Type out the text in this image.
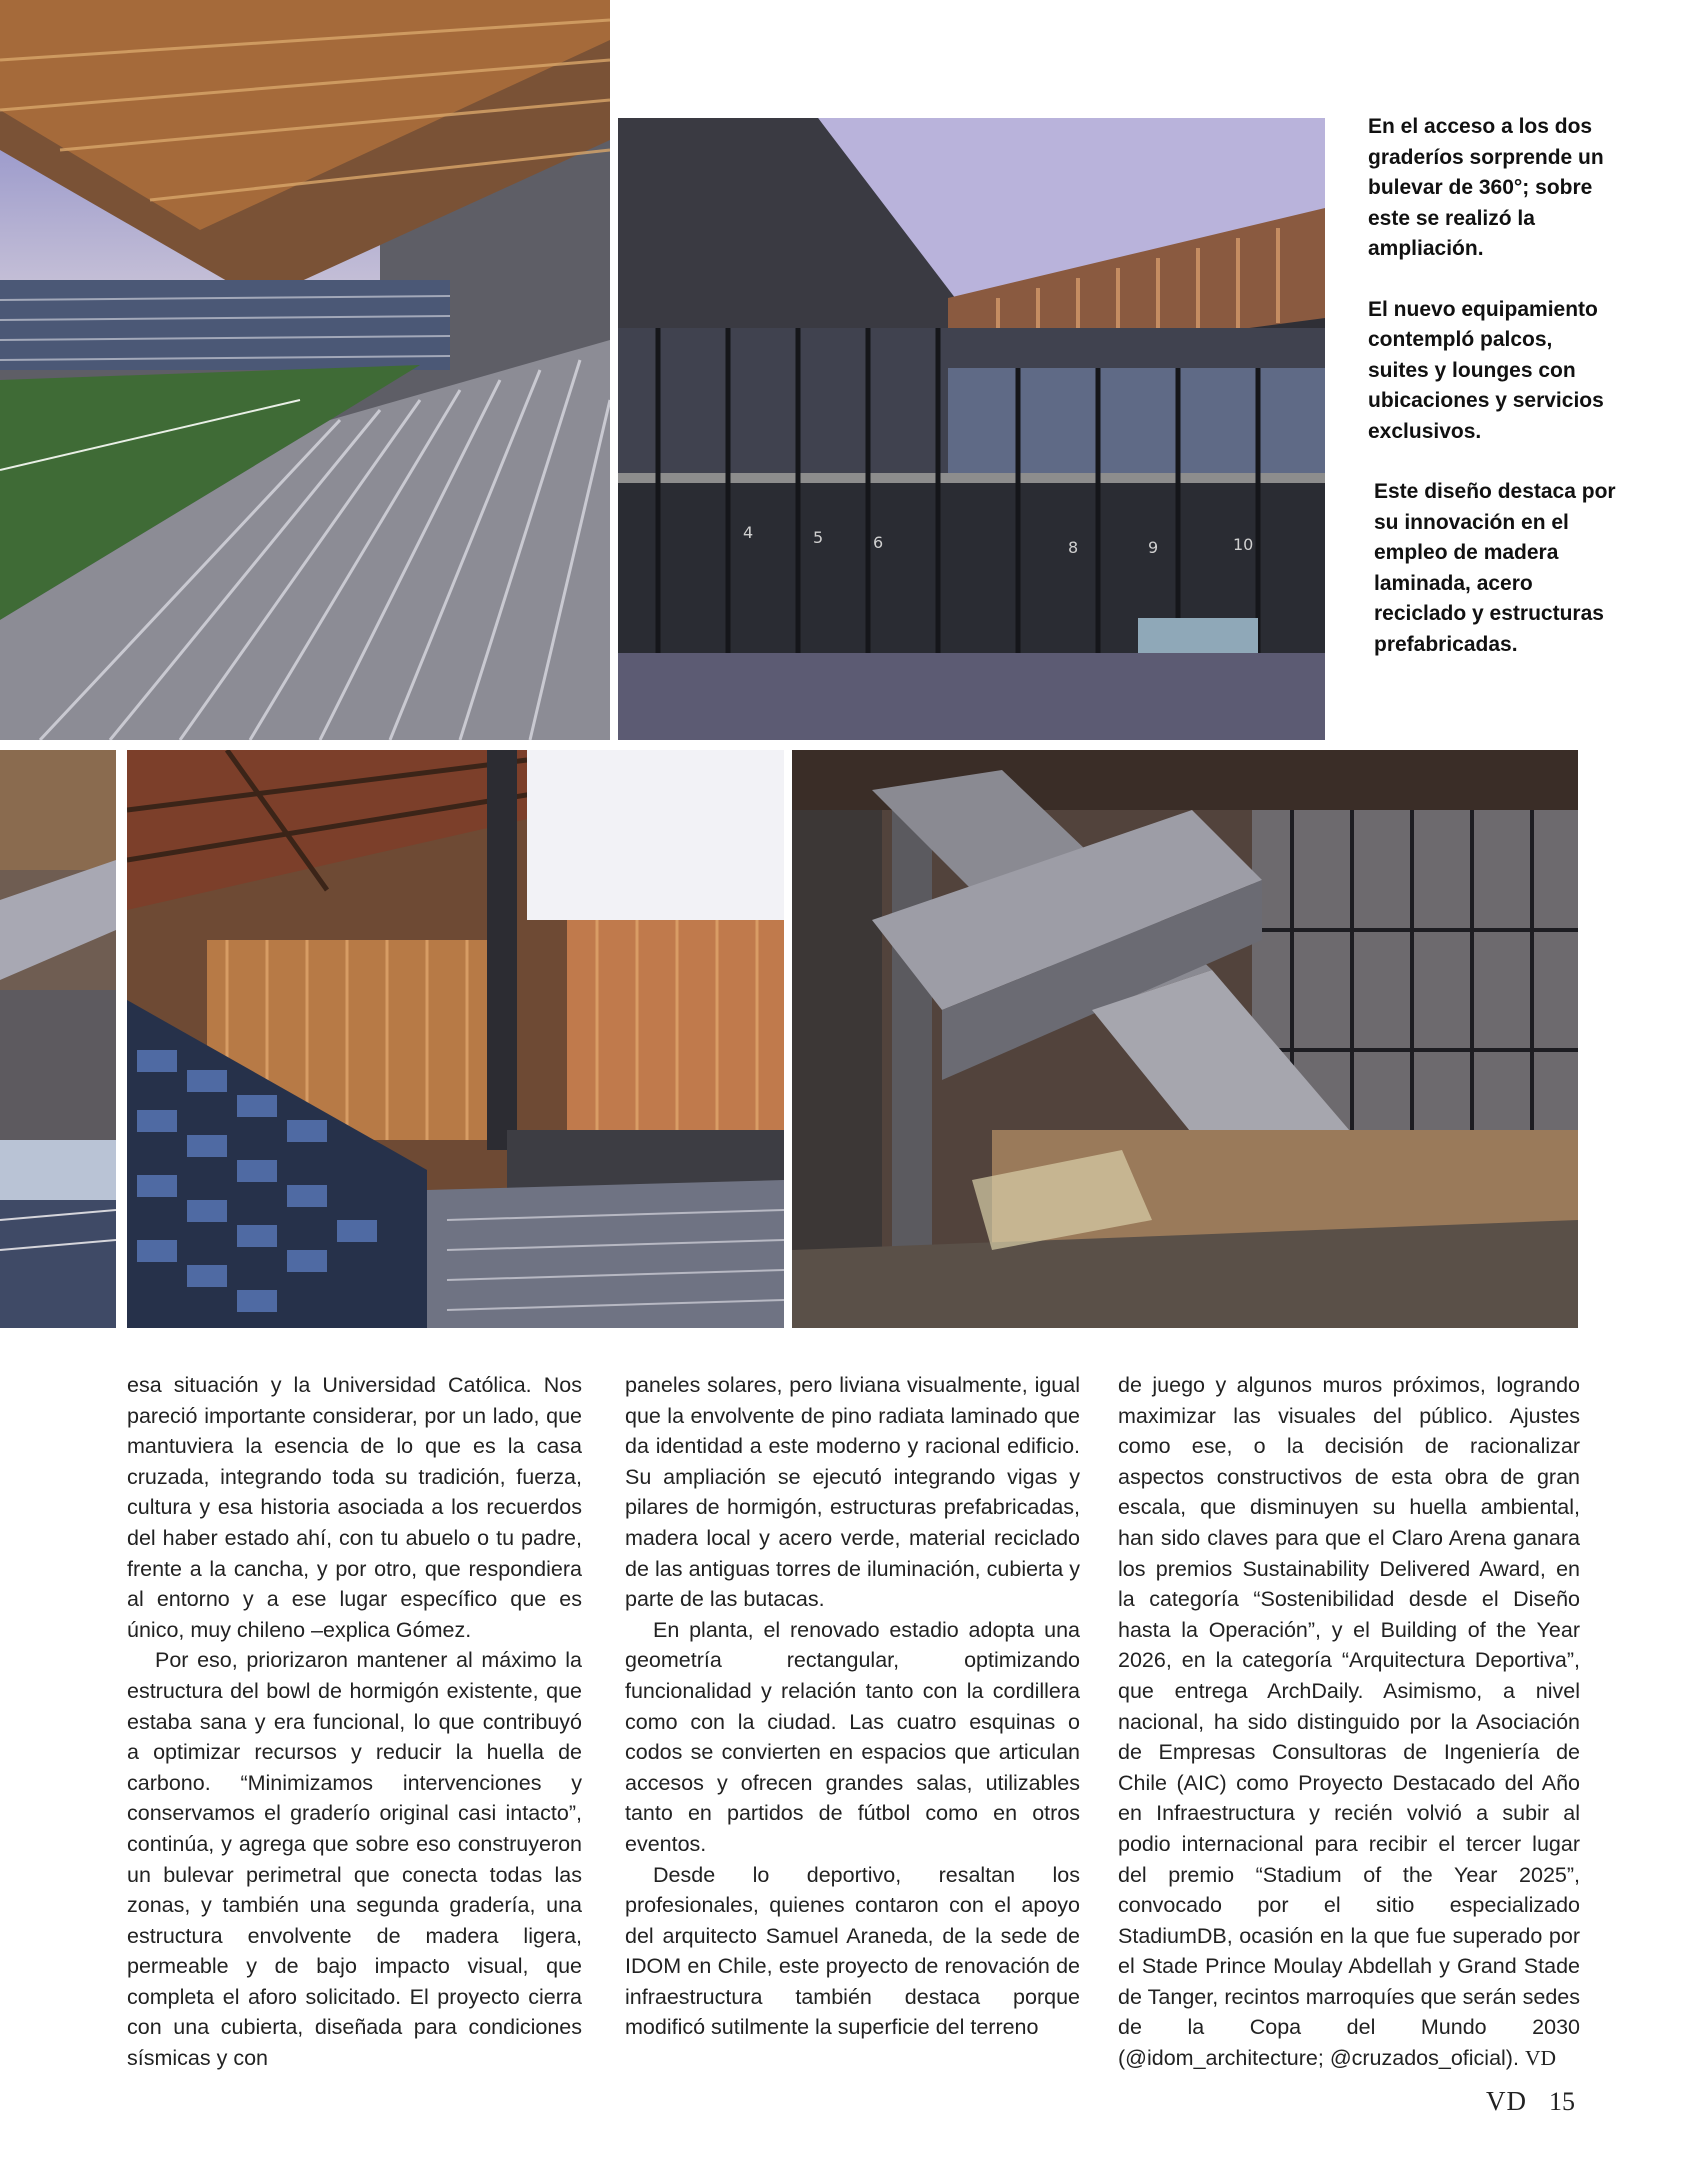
4	5	6	8	9	10

En el acceso a los dos graderíos sorprende un bulevar de 360°; sobre este se realizó la ampliación.

El nuevo equipamiento contempló palcos, suites y lounges con ubicaciones y servicios exclusivos.

Este diseño destaca por su innovación en el empleo de madera laminada, acero reciclado y estructuras prefabricadas.

esa situación y la Universidad Católica. Nos pareció importante considerar, por un lado, que mantuviera la esencia de lo que es la casa cruzada, integrando toda su tradición, fuerza, cultura y esa historia asociada a los recuerdos del haber estado ahí, con tu abuelo o tu padre, frente a la cancha, y por otro, que respondiera al entorno y a ese lugar específico que es único, muy chileno –explica Gómez.

Por eso, priorizaron mantener al máximo la estructura del bowl de hormigón existente, que estaba sana y era funcional, lo que contribuyó a optimizar recursos y reducir la huella de carbono. “Minimizamos intervenciones y conservamos el graderío original casi intacto”, continúa, y agrega que sobre eso construyeron un bulevar perimetral que conecta todas las zonas, y también una segunda gradería, una estructura envolvente de madera ligera, permeable y de bajo impacto visual, que completa el aforo solicitado. El proyecto cierra con una cubierta, diseñada para condiciones sísmicas y con

paneles solares, pero liviana visualmente, igual que la envolvente de pino radiata laminado que da identidad a este moderno y racional edificio. Su ampliación se ejecutó integrando vigas y pilares de hormigón, estructuras prefabricadas, madera local y acero verde, material reciclado de las antiguas torres de iluminación, cubierta y parte de las butacas.

En planta, el renovado estadio adopta una geometría rectangular, optimizando funcionalidad y relación tanto con la cordillera como con la ciudad. Las cuatro esquinas o codos se convierten en espacios que articulan accesos y ofrecen grandes salas, utilizables tanto en partidos de fútbol como en otros eventos.

Desde lo deportivo, resaltan los profesionales, quienes contaron con el apoyo del arquitecto Samuel Araneda, de la sede de IDOM en Chile, este proyecto de renovación de infraestructura también destaca porque modificó sutilmente la superficie del terreno

de juego y algunos muros próximos, logrando maximizar las visuales del público. Ajustes como ese, o la decisión de racionalizar aspectos constructivos de esta obra de gran escala, que disminuyen su huella ambiental, han sido claves para que el Claro Arena ganara los premios Sustainability Delivered Award, en la categoría “Sostenibilidad desde el Diseño hasta la Operación”, y el Building of the Year 2026, en la categoría “Arquitectura Deportiva”, que entrega ArchDaily. Asimismo, a nivel nacional, ha sido distinguido por la Asociación de Empresas Consultoras de Ingeniería de Chile (AIC) como Proyecto Destacado del Año en Infraestructura y recién volvió a subir al podio internacional para recibir el tercer lugar del premio “Stadium of the Year 2025”, convocado por el sitio especializado StadiumDB, ocasión en la que fue superado por el Stade Prince Moulay Abdellah y Grand Stade de Tanger, recintos marroquíes que serán sedes de la Copa del Mundo 2030 (@idom_architecture; @cruzados_oficial). VD

VD 15
